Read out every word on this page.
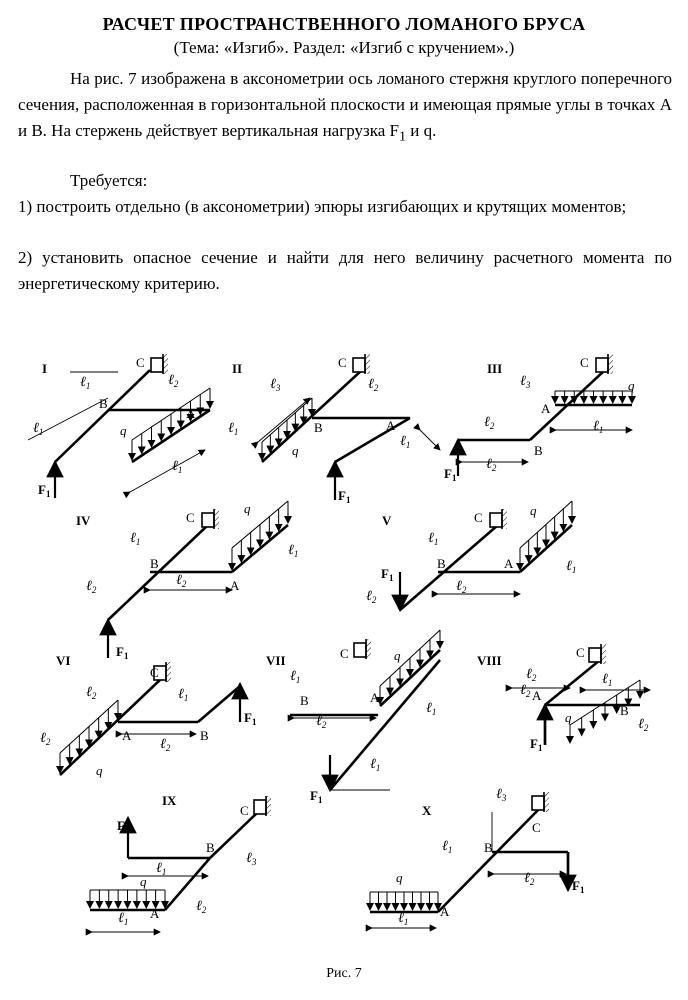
РАСЧЕТ ПРОСТРАНСТВЕННОГО ЛОМАНОГО БРУСА
(Тема: «Изгиб». Раздел: «Изгиб с кручением».)
На рис. 7 изображена в аксонометрии ось ломаного стержня круглого поперечного сечения, расположенная в горизонтальной плоскости и имеющая прямые углы в точках А и В. На стержень действует вертикальная нагрузка $F_1$ и q.
Требуется:
1) построить отдельно (в аксонометрии) эпюры изгибающих и крутящих моментов;
2) установить опасное сечение и найти для него величину расчетного момента по энергетическому критерию.
I	C
B
A
q
$F_1$
ℓ$_1$	ℓ$_2$
ℓ$_1$
ℓ$_1$
II	C
B	A
q
$F_1$
ℓ$_3$	ℓ$_2$
ℓ$_1$
ℓ$_1$
III	C
A
B
q
$F_1$
ℓ$_3$
ℓ$_2$
ℓ$_2$
ℓ$_1$
IV	C
B
A
q
$F_1$
ℓ$_1$
ℓ$_2$
ℓ$_2$
ℓ$_1$
V	C
B	A
q
$F_1$
ℓ$_1$
ℓ$_2$
ℓ$_2$
ℓ$_1$
VI
C
A	B
q
$F_1$
ℓ$_2$	ℓ$_1$
ℓ$_2$	ℓ$_2$
VII	C
B	A
q
$F_1$
ℓ$_1$
ℓ$_2$
ℓ$_1$
ℓ$_1$
VIII
C
A
B
q
$F_1$
ℓ$_2$	ℓ$_1$
ℓ$_2$
ℓ$_2$
IX
C
B
A
q
$F_1$
ℓ$_1$
ℓ$_1$
ℓ$_2$
ℓ$_3$
X
C
B
A
q
$F_1$
ℓ$_1$
ℓ$_3$
ℓ$_2$
ℓ$_1$
Рис. 7
